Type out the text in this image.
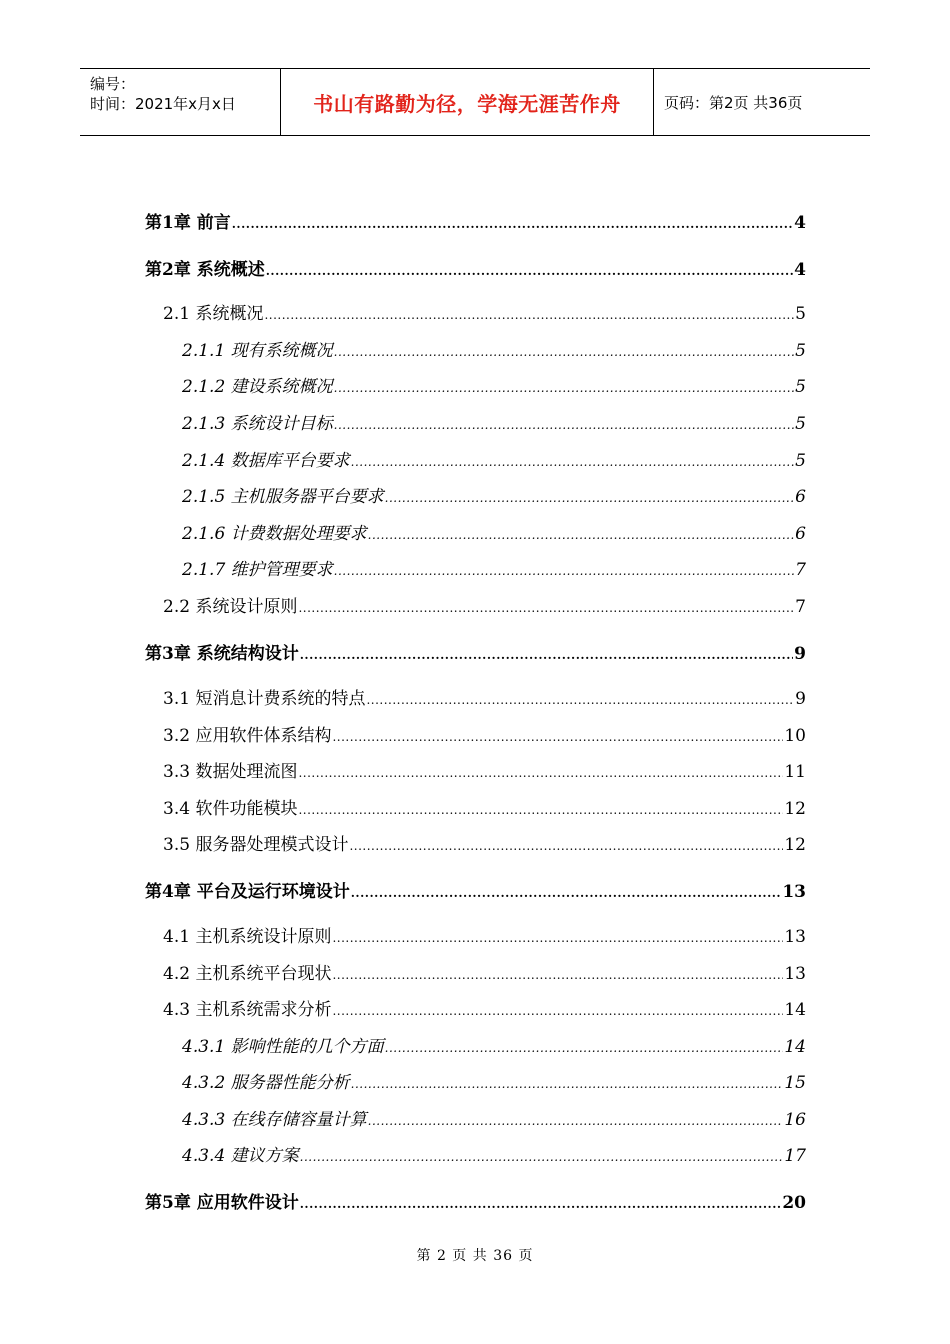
编号：
时间：2021年x月x日	书山有路勤为径，学海无涯苦作舟	页码：第2页 共36页
第1章 前言 .....	4
第2章 系统概述 .....	4
2.1 系统概况 .....	5
2.1.1 现有系统概况 .....	5
2.1.2 建设系统概况 .....	5
2.1.3 系统设计目标 .....	5
2.1.4 数据库平台要求 .....	5
2.1.5 主机服务器平台要求 .....	6
2.1.6 计费数据处理要求 .....	6
2.1.7 维护管理要求 .....	7
2.2 系统设计原则 .....	7
第3章 系统结构设计 .....	9
3.1 短消息计费系统的特点 .....	9
3.2 应用软件体系结构 .....	10
3.3 数据处理流图 .....	11
3.4 软件功能模块 .....	12
3.5 服务器处理模式设计 .....	12
第4章 平台及运行环境设计 .....	13
4.1 主机系统设计原则 .....	13
4.2 主机系统平台现状 .....	13
4.3 主机系统需求分析 .....	14
4.3.1 影响性能的几个方面 .....	14
4.3.2 服务器性能分析 .....	15
4.3.3 在线存储容量计算 .....	16
4.3.4 建议方案 .....	17
第5章 应用软件设计 .....	20
第 2 页 共 36 页
